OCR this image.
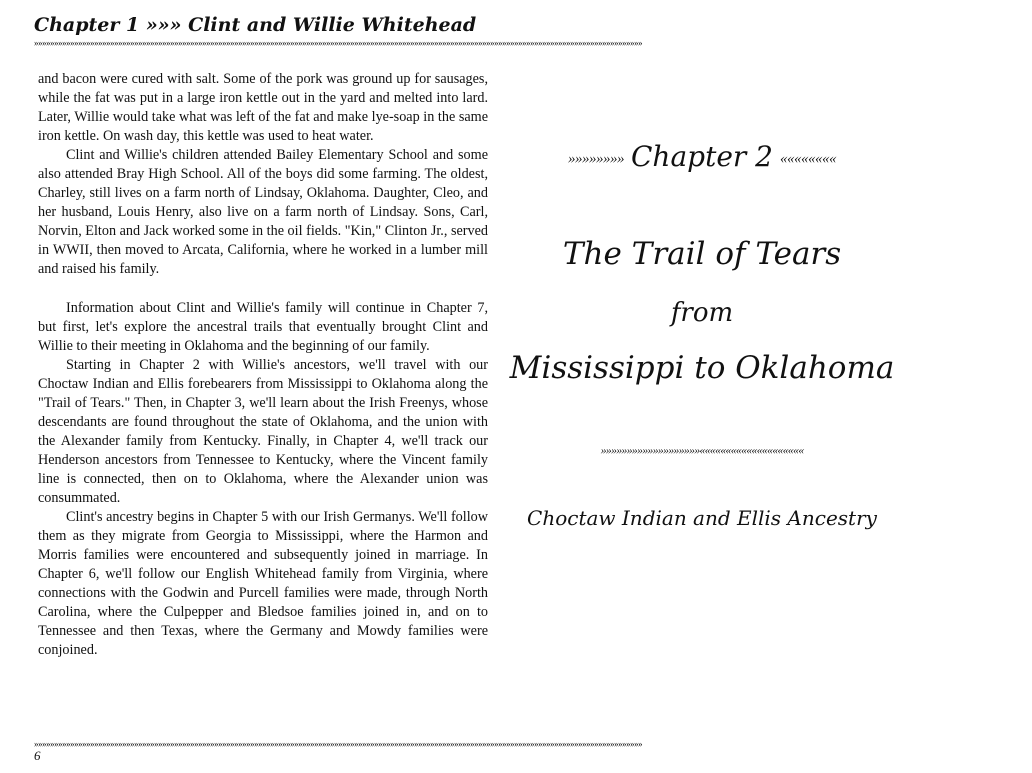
Chapter 1 »»» Clint and Willie Whitehead
»»»»»»»»»»»»»»»»»»»»»»»»»»»»»»»»»»»»»»»»»»»»»»»»»»»»»»»»»»»»»»»»»»»»»»»»»»»»»»»»»»»»»»»»»»»»»»»»»»»»»»»»»»»»»»»»»»»»»»»»»»»»»»»»»»»»»»»»»»»»»»»»»»»»»»»»

and bacon were cured with salt. Some of the pork was ground up for sausages, while the fat was put in a large iron kettle out in the yard and melted into lard. Later, Willie would take what was left of the fat and make lye-soap in the same iron kettle. On wash day, this kettle was used to heat water.

Clint and Willie's children attended Bailey Elementary School and some also attended Bray High School. All of the boys did some farming. The oldest, Charley, still lives on a farm north of Lindsay, Oklahoma. Daughter, Cleo, and her husband, Louis Henry, also live on a farm north of Lindsay. Sons, Carl, Norvin, Elton and Jack worked some in the oil fields. "Kin," Clinton Jr., served in WWII, then moved to Arcata, California, where he worked in a lumber mill and raised his family.

Information about Clint and Willie's family will continue in Chapter 7, but first, let's explore the ancestral trails that eventually brought Clint and Willie to their meeting in Oklahoma and the beginning of our family.

Starting in Chapter 2 with Willie's ancestors, we'll travel with our Choctaw Indian and Ellis forebearers from Mississippi to Oklahoma along the "Trail of Tears." Then, in Chapter 3, we'll learn about the Irish Freenys, whose descendants are found throughout the state of Oklahoma, and the union with the Alexander family from Kentucky. Finally, in Chapter 4, we'll track our Henderson ancestors from Tennessee to Kentucky, where the Vincent family line is connected, then on to Oklahoma, where the Alexander union was consummated.

Clint's ancestry begins in Chapter 5 with our Irish Germanys. We'll follow them as they migrate from Georgia to Mississippi, where the Harmon and Morris families were encountered and subsequently joined in marriage. In Chapter 6, we'll follow our English Whitehead family from Virginia, where connections with the Godwin and Purcell families were made, through North Carolina, where the Culpepper and Bledsoe families joined in, and on to Tennessee and then Texas, where the Germany and Mowdy families were conjoined.

»»»»»»»»»»»»»»»»»»»»»»»»»»»»»»»»»»»»»»»»»»»»»»»»»»»»»»»»»»»»»»»»»»»»»»»»»»»»»»»»»»»»»»»»»»»»»»»»»»»»»»»»»»»»»»»»»»»»»»»»»»»»»»»»»»»»»»»»»»»»»»»»»»»»»»»»
6
»»»»»»»» Chapter 2 ««««««««
The Trail of Tears
from
Mississippi to Oklahoma
»»»»»»»»»»»»»»»»»»»««««««««««««««««««««
Choctaw Indian and Ellis Ancestry
